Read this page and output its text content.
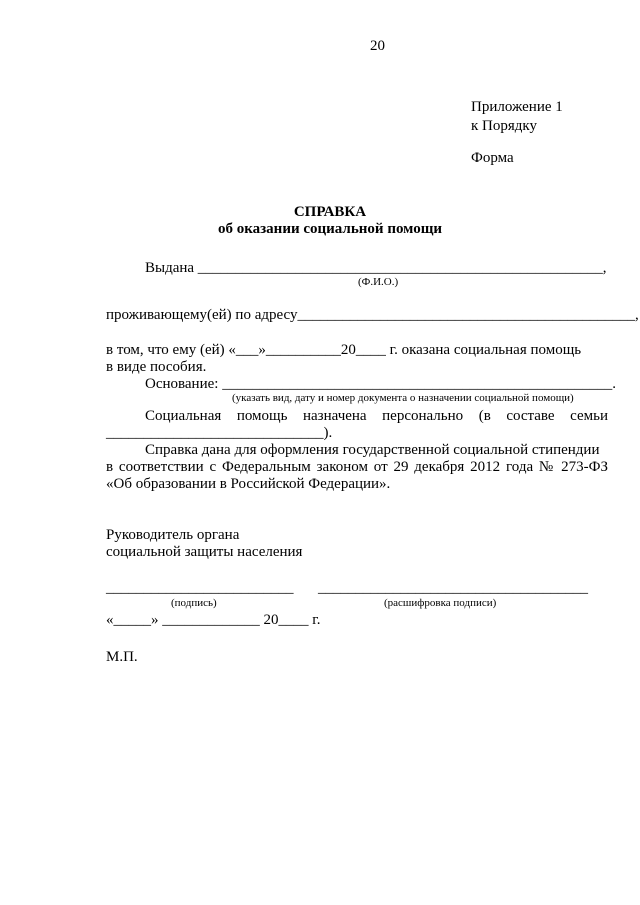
20
Приложение 1
к Порядку
Форма
СПРАВКА
об оказании социальной помощи
Выдана ______________________________________________________,
(Ф.И.О.)
проживающему(ей) по адресу_____________________________________________,
в том, что ему (ей) «___»__________20____ г. оказана социальная помощь
в виде пособия.
Основание: ____________________________________________________.
(указать вид, дату и номер документа о назначении социальной помощи)
Социальная помощь назначена персонально (в составе семьи
_____________________________).
Справка дана для оформления государственной социальной стипендии
в соответствии с Федеральным законом от 29 декабря 2012 года № 273-ФЗ
«Об образовании в Российской Федерации».
Руководитель органа
социальной защиты населения
_________________________ ____________________________________
(подпись)	(расшифровка подписи)
«_____» _____________ 20____ г.
М.П.
